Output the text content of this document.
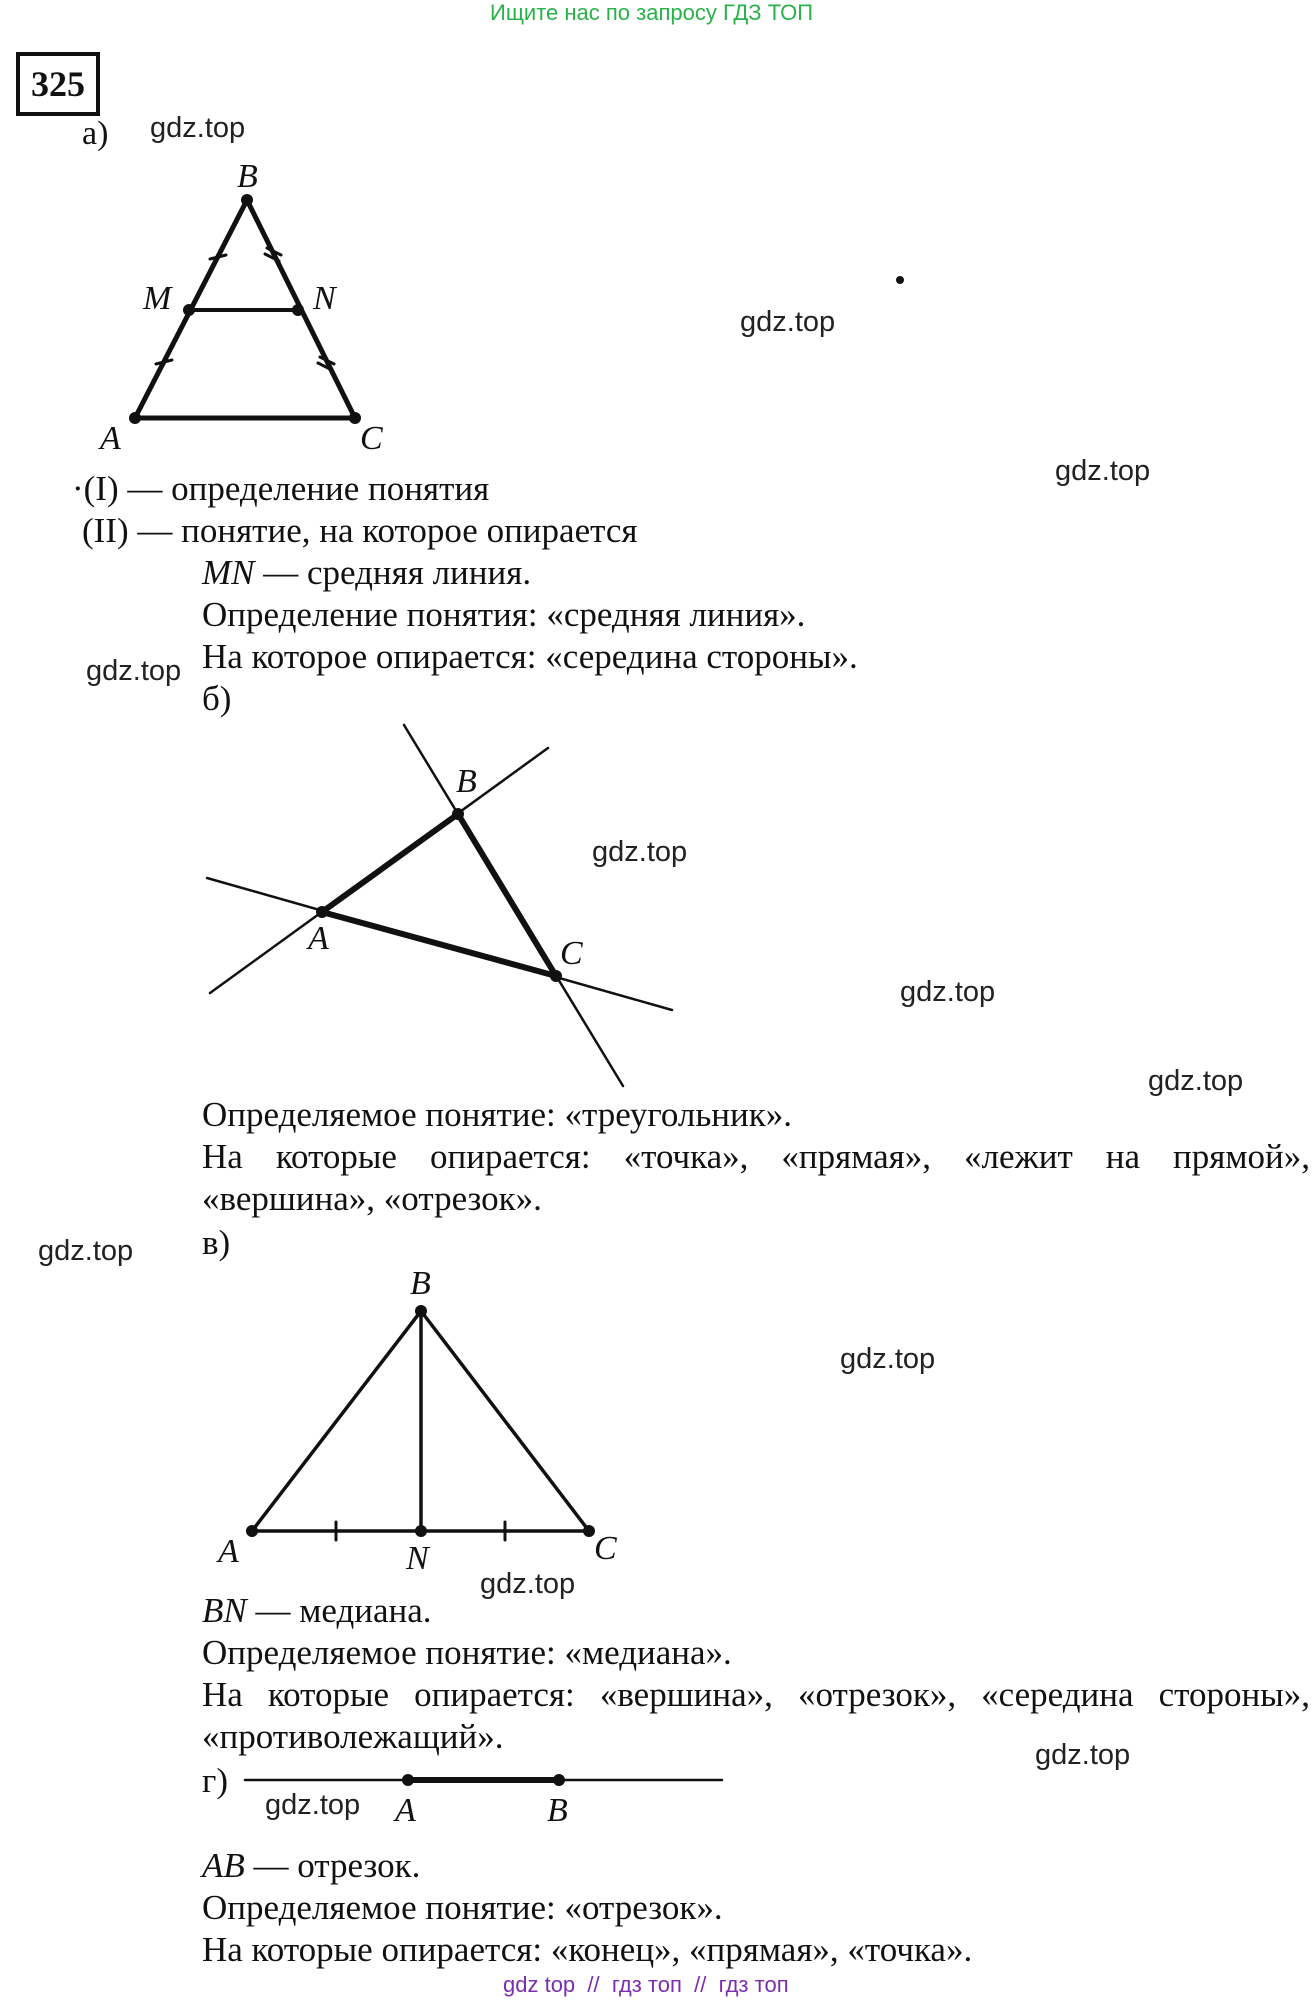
Ищите нас по запросу ГДЗ ТОП
325
gdz.top
gdz.top
gdz.top
gdz.top
gdz.top
gdz.top
gdz.top
gdz.top
gdz.top
gdz.top
gdz.top
gdz.top
а)
B
M	N
A	C
·(I) — определение понятия
(II) — понятие, на которое опирается
MN — средняя линия.
Определение понятия: «средняя линия».
На которое опирается: «середина стороны».
б)
B
A	C
Определяемое понятие: «треугольник».
На которые опирается: «точка», «прямая», «лежит на прямой»,
«вершина», «отрезок».
в)
B
A	N	C
BN — медиана.
Определяемое понятие: «медиана».
На которые опирается: «вершина», «отрезок», «середина стороны»,
«противолежащий».
г)
A	B
AB — отрезок.
Определяемое понятие: «отрезок».
На которые опирается: «конец», «прямая», «точка».
gdz top  //  гдз топ  //  гдз топ
